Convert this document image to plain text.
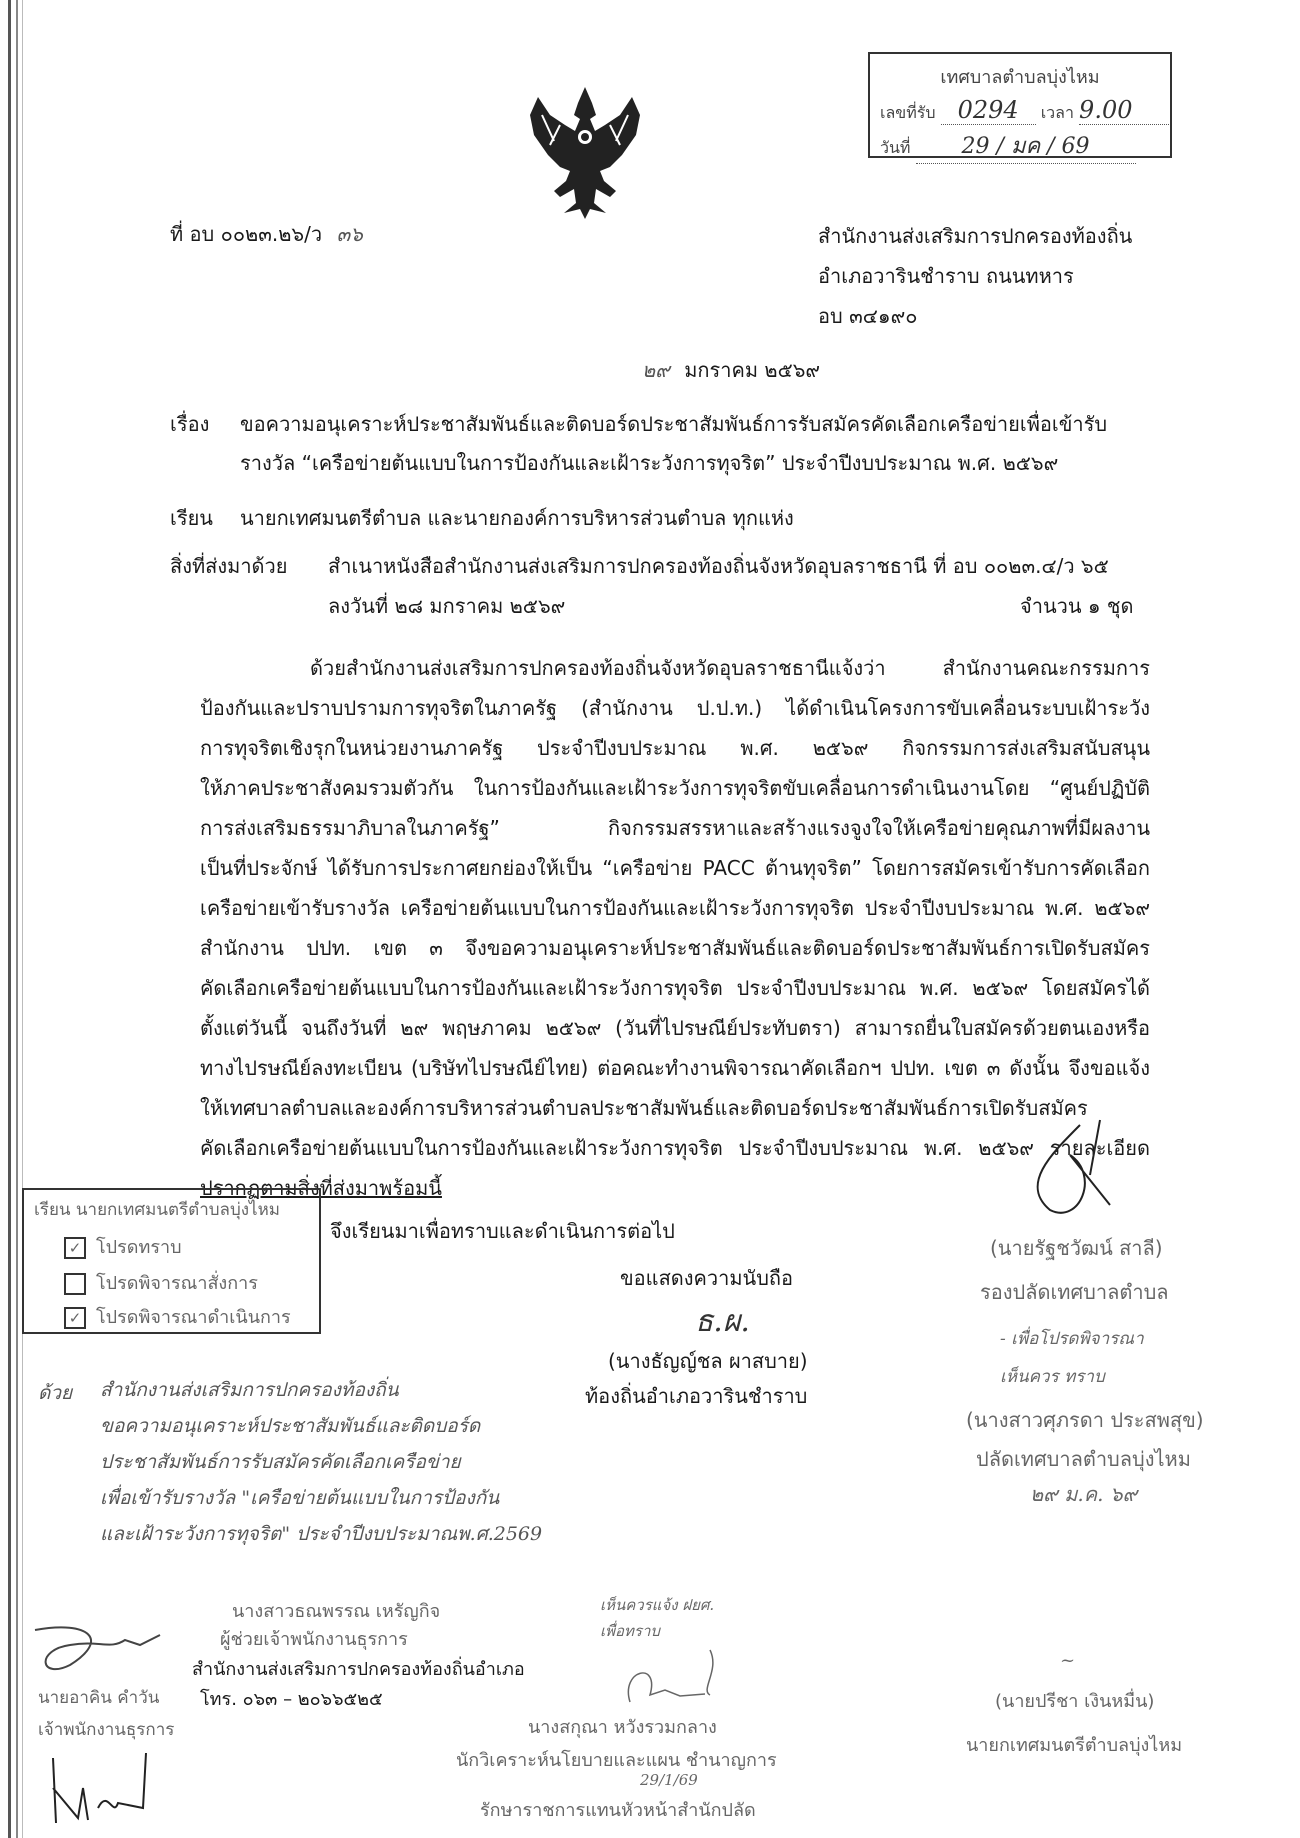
เทศบาลตำบลบุ่งไหม
เลขที่รับ 0294 เวลา 9.00
วันที่ 29 / มค / 69
ที่ อบ ๐๐๒๓.๒๖/ว ๓๖	สำนักงานส่งเสริมการปกครองท้องถิ่น
อำเภอวารินชำราบ ถนนทหาร
อบ ๓๔๑๙๐
๒๙ มกราคม ๒๕๖๙
เรื่อง ขอความอนุเคราะห์ประชาสัมพันธ์และติดบอร์ดประชาสัมพันธ์การรับสมัครคัดเลือกเครือข่ายเพื่อเข้ารับ
รางวัล “เครือข่ายต้นแบบในการป้องกันและเฝ้าระวังการทุจริต” ประจำปีงบประมาณ พ.ศ. ๒๕๖๙
เรียน นายกเทศมนตรีตำบล และนายกองค์การบริหารส่วนตำบล ทุกแห่ง
สิ่งที่ส่งมาด้วย สำเนาหนังสือสำนักงานส่งเสริมการปกครองท้องถิ่นจังหวัดอุบลราชธานี ที่ อบ ๐๐๒๓.๔/ว ๖๕
ลงวันที่ ๒๘ มกราคม ๒๕๖๙	จำนวน ๑ ชุด
ด้วยสำนักงานส่งเสริมการปกครองท้องถิ่นจังหวัดอุบลราชธานีแจ้งว่า สำนักงานคณะกรรมการ
ป้องกันและปราบปรามการทุจริตในภาครัฐ (สำนักงาน ป.ป.ท.) ได้ดำเนินโครงการขับเคลื่อนระบบเฝ้าระวัง
การทุจริตเชิงรุกในหน่วยงานภาครัฐ ประจำปีงบประมาณ พ.ศ. ๒๕๖๙ กิจกรรมการส่งเสริมสนับสนุน
ให้ภาคประชาสังคมรวมตัวกัน ในการป้องกันและเฝ้าระวังการทุจริตขับเคลื่อนการดำเนินงานโดย “ศูนย์ปฏิบัติ
การส่งเสริมธรรมาภิบาลในภาครัฐ” กิจกรรมสรรหาและสร้างแรงจูงใจให้เครือข่ายคุณภาพที่มีผลงาน
เป็นที่ประจักษ์ ได้รับการประกาศยกย่องให้เป็น “เครือข่าย PACC ต้านทุจริต” โดยการสมัครเข้ารับการคัดเลือก
เครือข่ายเข้ารับรางวัล เครือข่ายต้นแบบในการป้องกันและเฝ้าระวังการทุจริต ประจำปีงบประมาณ พ.ศ. ๒๕๖๙
สำนักงาน ปปท. เขต ๓ จึงขอความอนุเคราะห์ประชาสัมพันธ์และติดบอร์ดประชาสัมพันธ์การเปิดรับสมัคร
คัดเลือกเครือข่ายต้นแบบในการป้องกันและเฝ้าระวังการทุจริต ประจำปีงบประมาณ พ.ศ. ๒๕๖๙ โดยสมัครได้
ตั้งแต่วันนี้ จนถึงวันที่ ๒๙ พฤษภาคม ๒๕๖๙ (วันที่ไปรษณีย์ประทับตรา) สามารถยื่นใบสมัครด้วยตนเองหรือ
ทางไปรษณีย์ลงทะเบียน (บริษัทไปรษณีย์ไทย) ต่อคณะทำงานพิจารณาคัดเลือกฯ ปปท. เขต ๓ ดังนั้น จึงขอแจ้ง
ให้เทศบาลตำบลและองค์การบริหารส่วนตำบลประชาสัมพันธ์และติดบอร์ดประชาสัมพันธ์การเปิดรับสมัคร
คัดเลือกเครือข่ายต้นแบบในการป้องกันและเฝ้าระวังการทุจริต ประจำปีงบประมาณ พ.ศ. ๒๕๖๙ รายละเอียด
ปรากฏตามสิ่งที่ส่งมาพร้อมนี้
จึงเรียนมาเพื่อทราบและดำเนินการต่อไป
ขอแสดงความนับถือ
ธ.ผ.
(นางธัญญ์ชล ผาสบาย)
ท้องถิ่นอำเภอวารินชำราบ
เรียน นายกเทศมนตรีตำบลบุ่งไหม
✓ โปรดทราบ
โปรดพิจารณาสั่งการ
✓ โปรดพิจารณาดำเนินการ
ด้วย สำนักงานส่งเสริมการปกครองท้องถิ่น
ขอความอนุเคราะห์ประชาสัมพันธ์และติดบอร์ด
ประชาสัมพันธ์การรับสมัครคัดเลือกเครือข่าย
เพื่อเข้ารับรางวัล "เครือข่ายต้นแบบในการป้องกัน
และเฝ้าระวังการทุจริต" ประจำปีงบประมาณพ.ศ.2569
นางสาวธณพรรณ เหรัญกิจ
ผู้ช่วยเจ้าพนักงานธุรการ
สำนักงานส่งเสริมการปกครองท้องถิ่นอำเภอ
โทร. ๐๖๓ – ๒๐๖๖๕๒๕
นายอาคิน คำวัน
เจ้าพนักงานธุรการ
เห็นควรแจ้ง ฝยศ.
เพื่อทราบ
นางสกุณา หวังรวมกลาง
นักวิเคราะห์นโยบายและแผน ชำนาญการ
29/1/69
รักษาราชการแทนหัวหน้าสำนักปลัด
(นายรัฐชวัฒน์ สาลี)
รองปลัดเทศบาลตำบล
- เพื่อโปรดพิจารณา
เห็นควร ทราบ
(นางสาวศุภรดา ประสพสุข)
ปลัดเทศบาลตำบลบุ่งไหม
๒๙ ม.ค. ๖๙
~
(นายปรีชา เงินหมื่น)
นายกเทศมนตรีตำบลบุ่งไหม
